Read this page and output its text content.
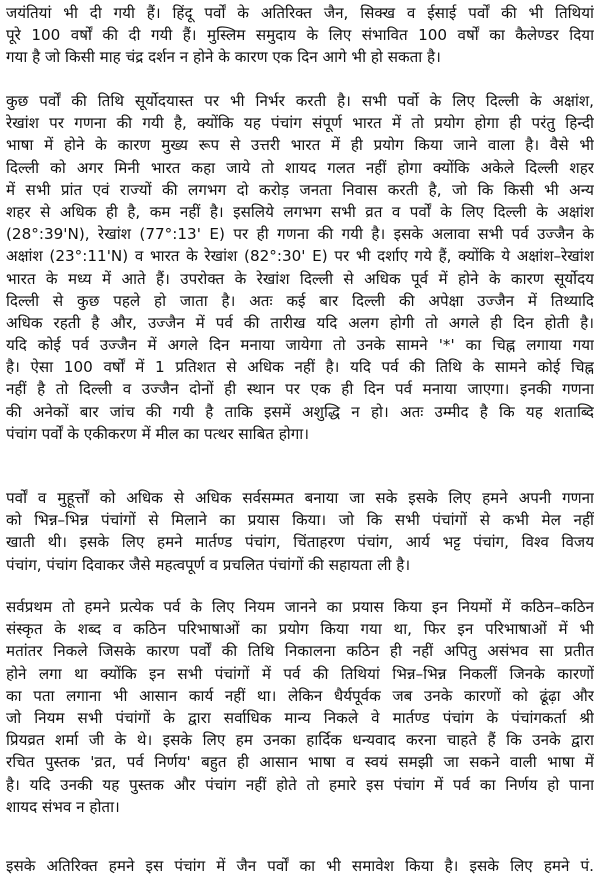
जयंतियां भी दी गयी हैं। हिंदू पर्वों के अतिरिक्त जैन, सिक्ख व ईसाई पर्वों की भी तिथियां
पूरे 100 वर्षों की दी गयी हैं। मुस्लिम समुदाय के लिए संभावित 100 वर्षों का कैलेण्डर दिया
गया है जो किसी माह चंद्र दर्शन न होने के कारण एक दिन आगे भी हो सकता है।
कुछ पर्वों की तिथि सूर्योदयास्त पर भी निर्भर करती है। सभी पर्वो के लिए दिल्ली के अक्षांश,
रेखांश पर गणना की गयी है, क्योंकि यह पंचांग संपूर्ण भारत में तो प्रयोग होगा ही परंतु हिन्दी
भाषा में होने के कारण मुख्य रूप से उत्तरी भारत में ही प्रयोग किया जाने वाला है। वैसे भी
दिल्ली को अगर मिनी भारत कहा जाये तो शायद गलत नहीं होगा क्योंकि अकेले दिल्ली शहर
में सभी प्रांत एवं राज्यों की लगभग दो करोड़ जनता निवास करती है, जो कि किसी भी अन्य
शहर से अधिक ही है, कम नहीं है। इसलिये लगभग सभी व्रत व पर्वों के लिए दिल्ली के अक्षांश
(28°:39'N), रेखांश (77°:13' E) पर ही गणना की गयी है। इसके अलावा सभी पर्व उज्जैन के
अक्षांश (23°:11'N) व भारत के रेखांश (82°:30' E) पर भी दर्शाए गये हैं, क्योंकि ये अक्षांश–रेखांश
भारत के मध्य में आते हैं। उपरोक्त के रेखांश दिल्ली से अधिक पूर्व में होने के कारण सूर्योदय
दिल्ली से कुछ पहले हो जाता है। अतः कई बार दिल्ली की अपेक्षा उज्जैन में तिथ्यादि
अधिक रहती है और, उज्जैन में पर्व की तारीख यदि अलग होगी तो अगले ही दिन होती है।
यदि कोई पर्व उज्जैन में अगले दिन मनाया जायेगा तो उनके सामने '*' का चिह्न लगाया गया
है। ऐसा 100 वर्षों में 1 प्रतिशत से अधिक नहीं है। यदि पर्व की तिथि के सामने कोई चिह्न
नहीं है तो दिल्ली व उज्जैन दोनों ही स्थान पर एक ही दिन पर्व मनाया जाएगा। इनकी गणना
की अनेकों बार जांच की गयी है ताकि इसमें अशुद्धि न हो। अतः उम्मीद है कि यह शताब्दि
पंचांग पर्वों के एकीकरण में मील का पत्थर साबित होगा।
पर्वों व मुहूर्त्तों को अधिक से अधिक सर्वसम्मत बनाया जा सके इसके लिए हमने अपनी गणना
को भिन्न–भिन्न पंचांगों से मिलाने का प्रयास किया। जो कि सभी पंचांगों से कभी मेल नहीं
खाती थी। इसके लिए हमने मार्तण्ड पंचांग, चिंताहरण पंचांग, आर्य भट्ट पंचांग, विश्व विजय
पंचांग, पंचांग दिवाकर जैसे महत्वपूर्ण व प्रचलित पंचांगों की सहायता ली है।
सर्वप्रथम तो हमने प्रत्येक पर्व के लिए नियम जानने का प्रयास किया इन नियमों में कठिन–कठिन
संस्कृत के शब्द व कठिन परिभाषाओं का प्रयोग किया गया था, फिर इन परिभाषाओं में भी
मतांतर निकले जिसके कारण पर्वों की तिथि निकालना कठिन ही नहीं अपितु असंभव सा प्रतीत
होने लगा था क्योंकि इन सभी पंचांगों में पर्व की तिथियां भिन्न–भिन्न निकलीं जिनके कारणों
का पता लगाना भी आसान कार्य नहीं था। लेकिन धैर्यपूर्वक जब उनके कारणों को ढूंढ़ा और
जो नियम सभी पंचांगों के द्वारा सर्वाधिक मान्य निकले वे मार्तण्ड पंचांग के पंचांगकर्ता श्री
प्रियव्रत शर्मा जी के थे। इसके लिए हम उनका हार्दिक धन्यवाद करना चाहते हैं कि उनके द्वारा
रचित पुस्तक 'व्रत, पर्व निर्णय' बहुत ही आसान भाषा व स्वयं समझी जा सकने वाली भाषा में
है। यदि उनकी यह पुस्तक और पंचांग नहीं होते तो हमारे इस पंचांग में पर्व का निर्णय हो पाना
शायद संभव न होता।
इसके अतिरिक्त हमने इस पंचांग में जैन पर्वों का भी समावेश किया है। इसके लिए हमने पं.
